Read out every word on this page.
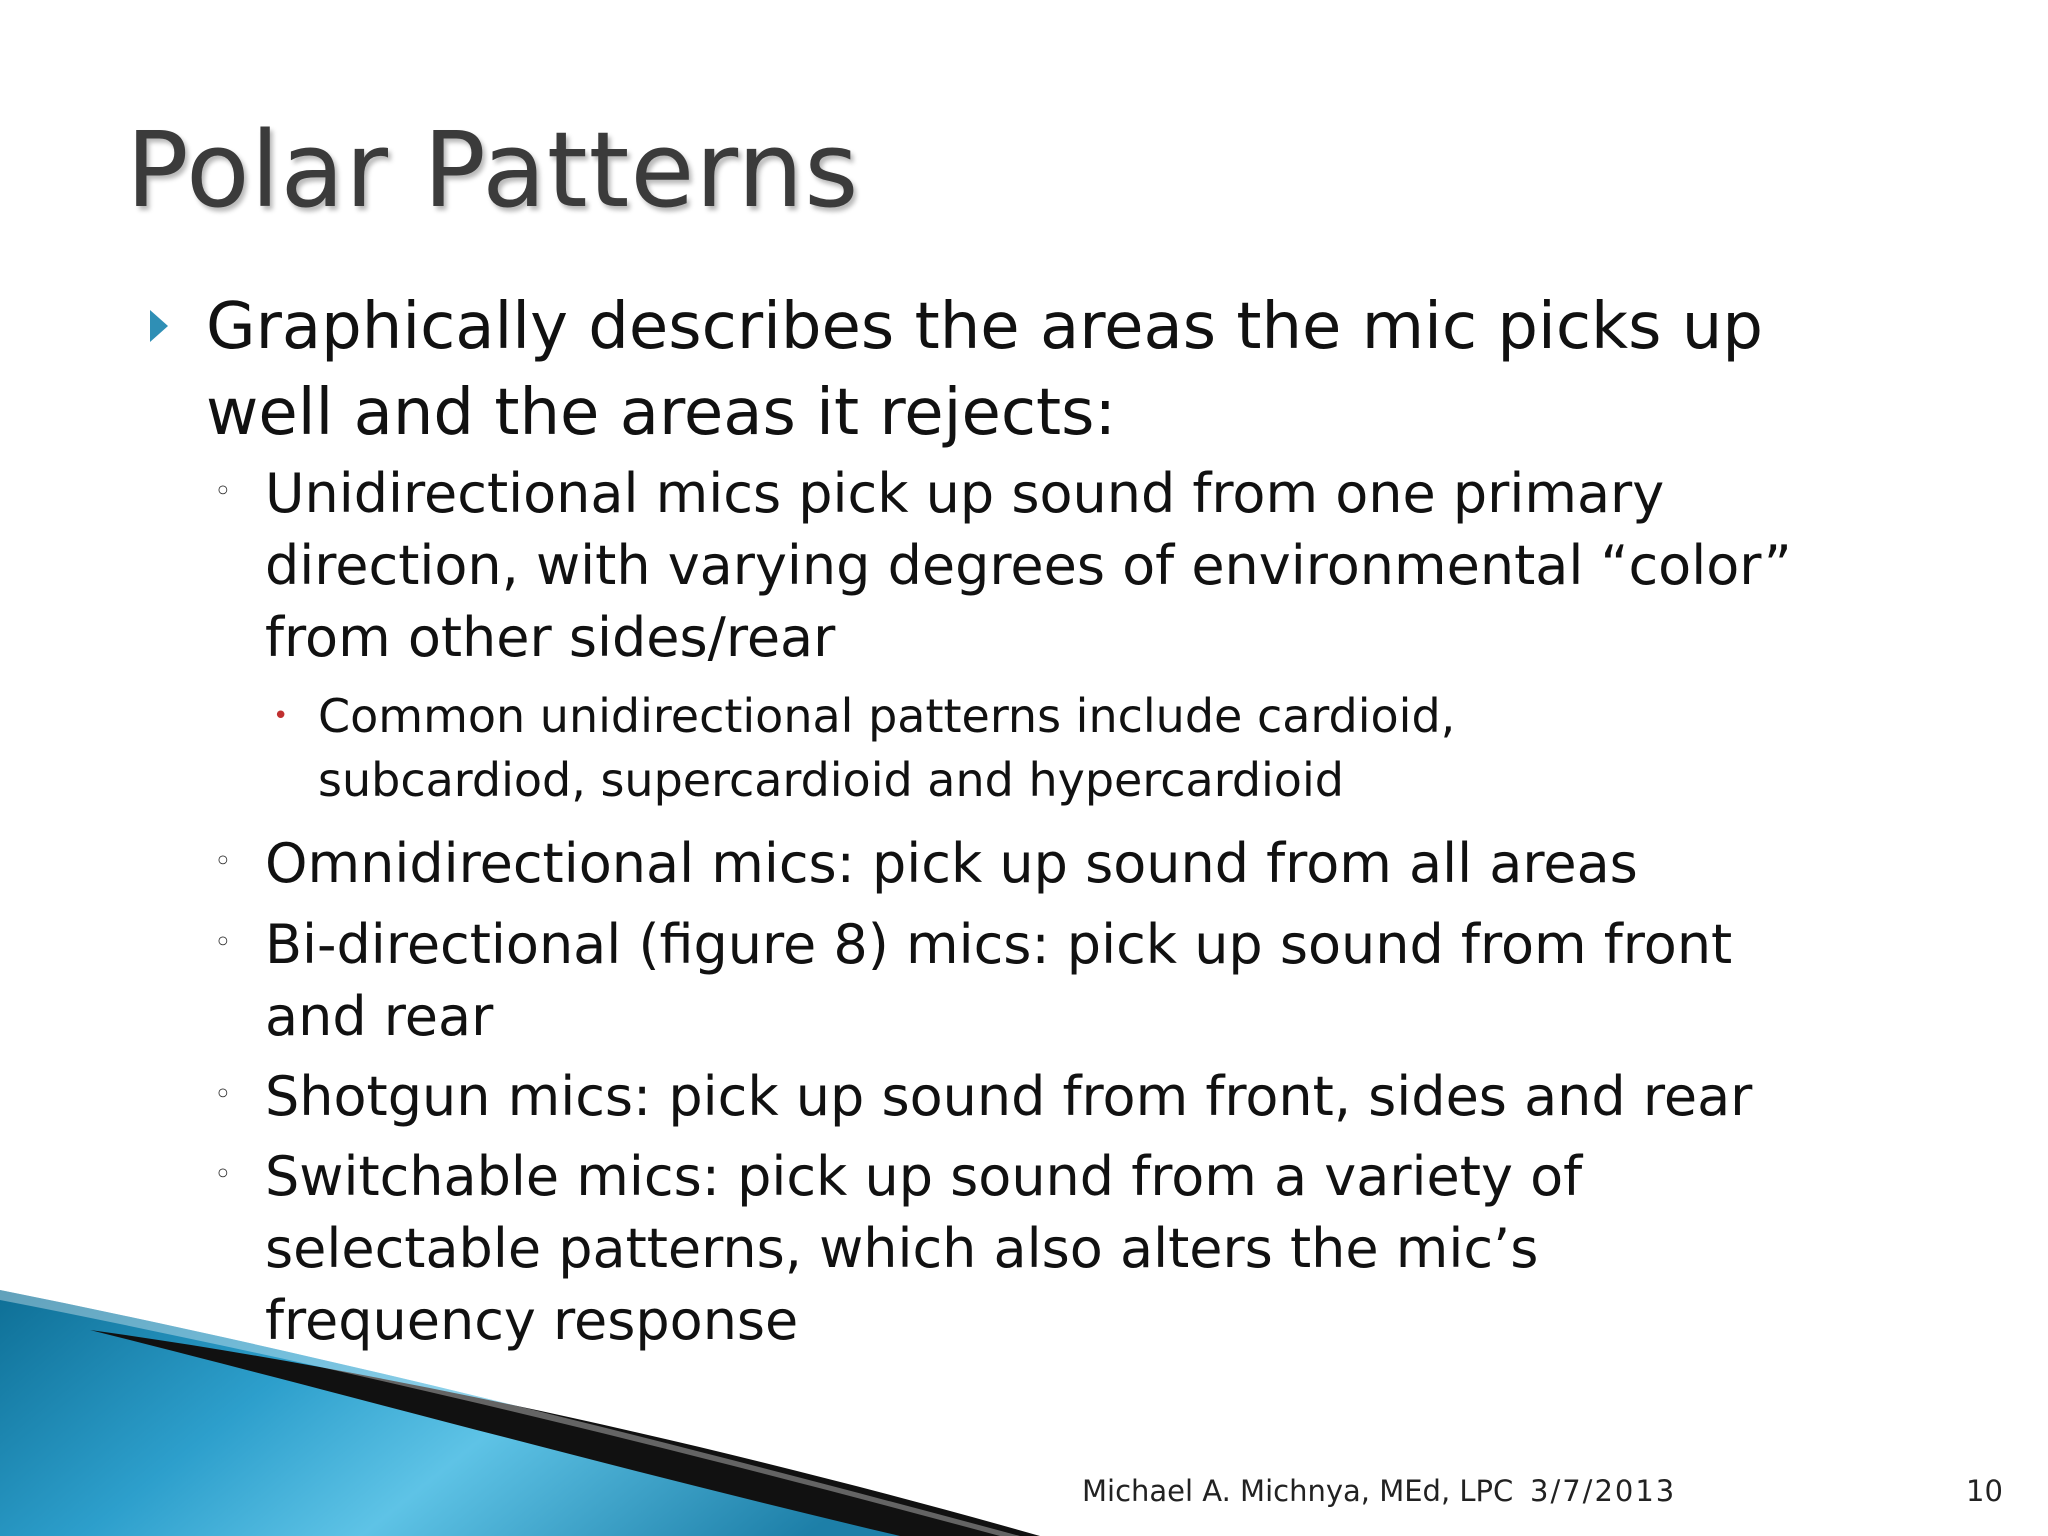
Polar Patterns
Graphically describes the areas the mic picks up
well and the areas it rejects:
◦ Unidirectional mics pick up sound from one primary
direction, with varying degrees of environmental “color”
from other sides/rear
• Common unidirectional patterns include cardioid,
subcardiod, supercardioid and hypercardioid
◦ Omnidirectional mics: pick up sound from all areas
◦ Bi-directional (figure 8) mics: pick up sound from front
and rear
◦ Shotgun mics: pick up sound from front, sides and rear
◦ Switchable mics: pick up sound from a variety of
selectable patterns, which also alters the mic’s
frequency response
Michael A. Michnya, MEd, LPC 3/7/2013	10
